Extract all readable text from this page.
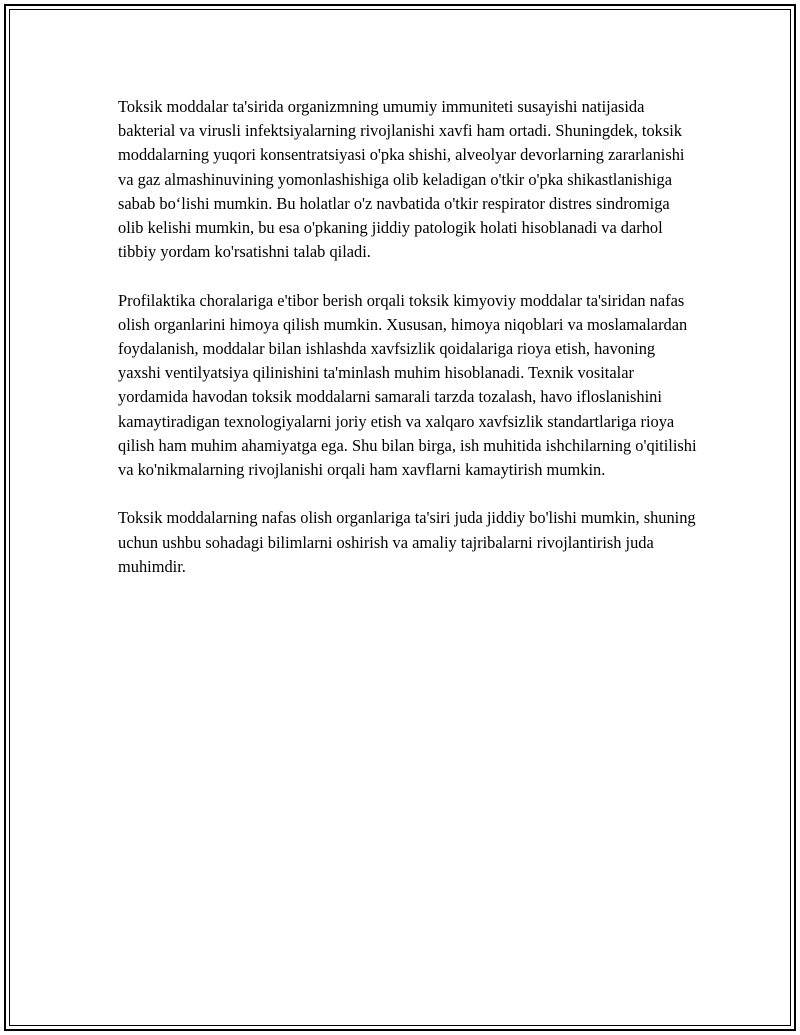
Toksik moddalar ta'sirida organizmning umumiy immuniteti susayishi natijasida bakterial va virusli infektsiyalarning rivojlanishi xavfi ham ortadi. Shuningdek, toksik moddalarning yuqori konsentratsiyasi o'pka shishi, alveolyar devorlarning zararlanishi va gaz almashinuvining yomonlashishiga olib keladigan o'tkir o'pka shikastlanishiga sabab bo‘lishi mumkin. Bu holatlar o'z navbatida o'tkir respirator distres sindromiga olib kelishi mumkin, bu esa o'pkaning jiddiy patologik holati hisoblanadi va darhol tibbiy yordam ko'rsatishni talab qiladi.

Profilaktika choralariga e'tibor berish orqali toksik kimyoviy moddalar ta'siridan nafas olish organlarini himoya qilish mumkin. Xususan, himoya niqoblari va moslamalardan foydalanish, moddalar bilan ishlashda xavfsizlik qoidalariga rioya etish, havoning yaxshi ventilyatsiya qilinishini ta'minlash muhim hisoblanadi. Texnik vositalar yordamida havodan toksik moddalarni samarali tarzda tozalash, havo ifloslanishini kamaytiradigan texnologiyalarni joriy etish va xalqaro xavfsizlik standartlariga rioya qilish ham muhim ahamiyatga ega. Shu bilan birga, ish muhitida ishchilarning o'qitilishi va ko'nikmalarning rivojlanishi orqali ham xavflarni kamaytirish mumkin.

Toksik moddalarning nafas olish organlariga ta'siri juda jiddiy bo'lishi mumkin, shuning uchun ushbu sohadagi bilimlarni oshirish va amaliy tajribalarni rivojlantirish juda muhimdir.
